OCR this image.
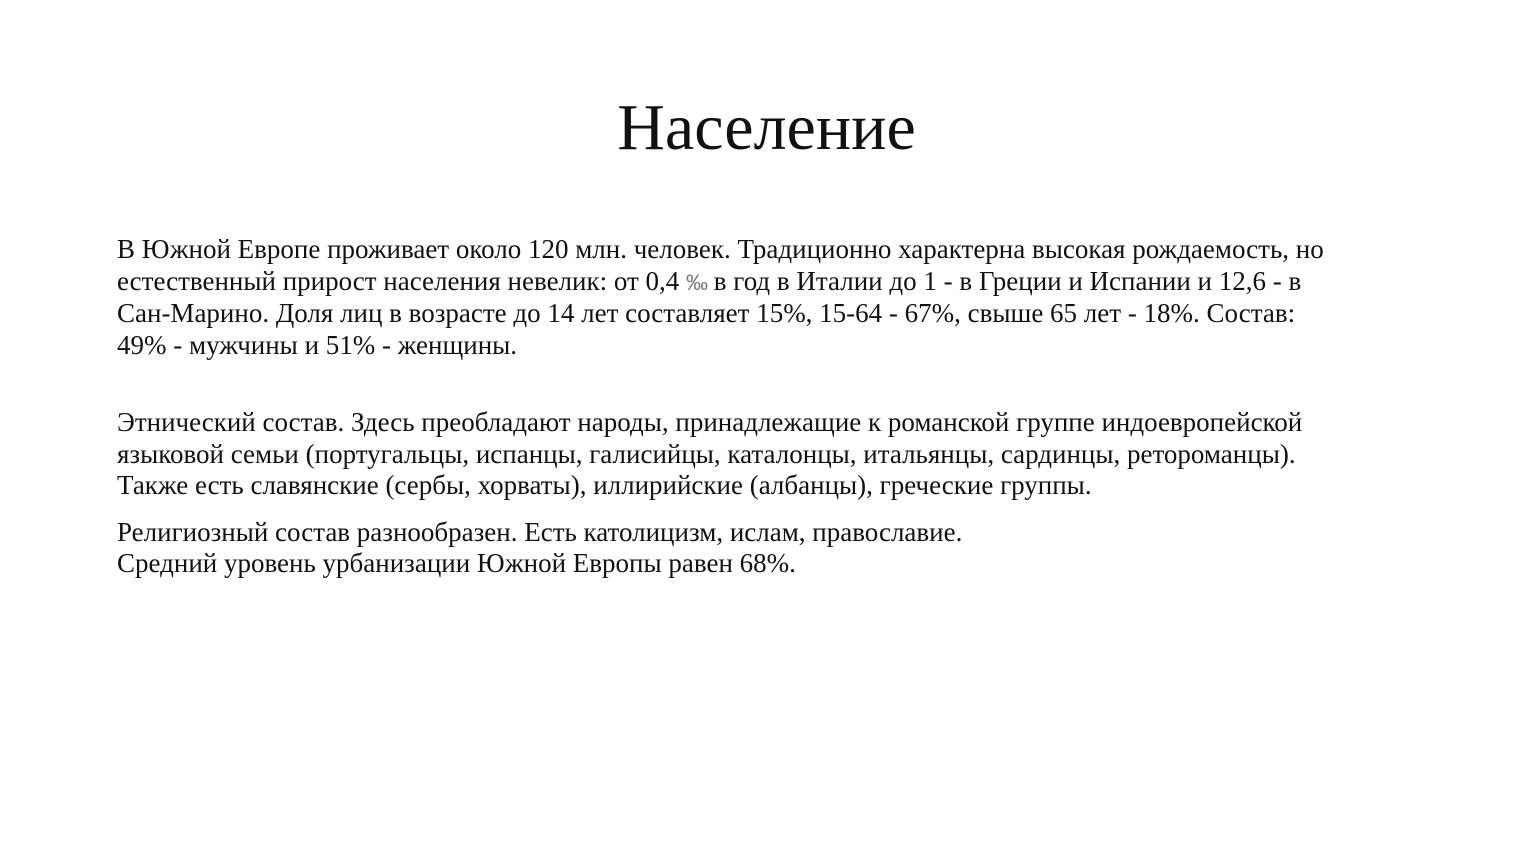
Население

В Южной Европе проживает около 120 млн. человек. Традиционно характерна высокая рождаемость, но
естественный прирост населения невелик: от 0,4 ‰ в год в Италии до 1 - в Греции и Испании и 12,6 - в
Сан-Марино. Доля лиц в возрасте до 14 лет составляет 15%, 15-64 - 67%, свыше 65 лет - 18%. Состав:
49% - мужчины и 51% - женщины.

Этнический состав. Здесь преобладают народы, принадлежащие к романской группе индоевропейской
языковой семьи (португальцы, испанцы, галисийцы, каталонцы, итальянцы, сардинцы, ретороманцы).
Также есть славянские (сербы, хорваты), иллирийские (албанцы), греческие группы.

Религиозный состав разнообразен. Есть католицизм, ислам, православие.

Средний уровень урбанизации Южной Европы равен 68%.
